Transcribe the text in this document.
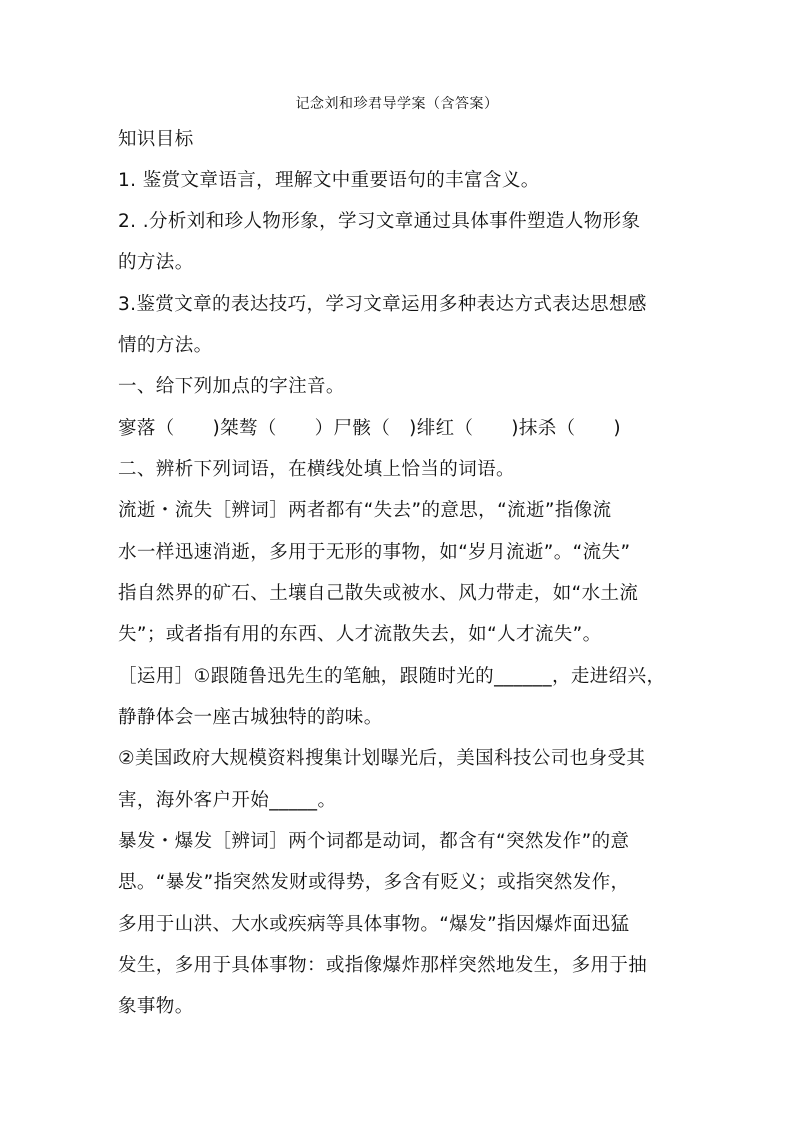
记念刘和珍君导学案（含答案）
知识目标
1. 鉴赏文章语言，理解文中重要语句的丰富含义。
2. .分析刘和珍人物形象，学习文章通过具体事件塑造人物形象
的方法。
3.鉴赏文章的表达技巧，学习文章运用多种表达方式表达思想感
情的方法。
一、给下列加点的字注音。
寥落（　　)桀骜（　　）尸骸（　)绯红（　　)抹杀（　　)
二、辨析下列词语，在横线处填上恰当的词语。
流逝・流失［辨词］两者都有“失去”的意思，“流逝”指像流
水一样迅速消逝，多用于无形的事物，如“岁月流逝”。“流失”
指自然界的矿石、土壤自己散失或被水、风力带走，如“水土流
失”；或者指有用的东西、人才流散失去，如“人才流失”。
［运用］①跟随鲁迅先生的笔触，跟随时光的______，走进绍兴，
静静体会一座古城独特的韵味。
②美国政府大规模资料搜集计划曝光后，美国科技公司也身受其
害，海外客户开始_____。
暴发・爆发［辨词］两个词都是动词，都含有“突然发作”的意
思。“暴发”指突然发财或得势，多含有贬义；或指突然发作，
多用于山洪、大水或疾病等具体事物。“爆发”指因爆炸面迅猛
发生，多用于具体事物：或指像爆炸那样突然地发生，多用于抽
象事物。
